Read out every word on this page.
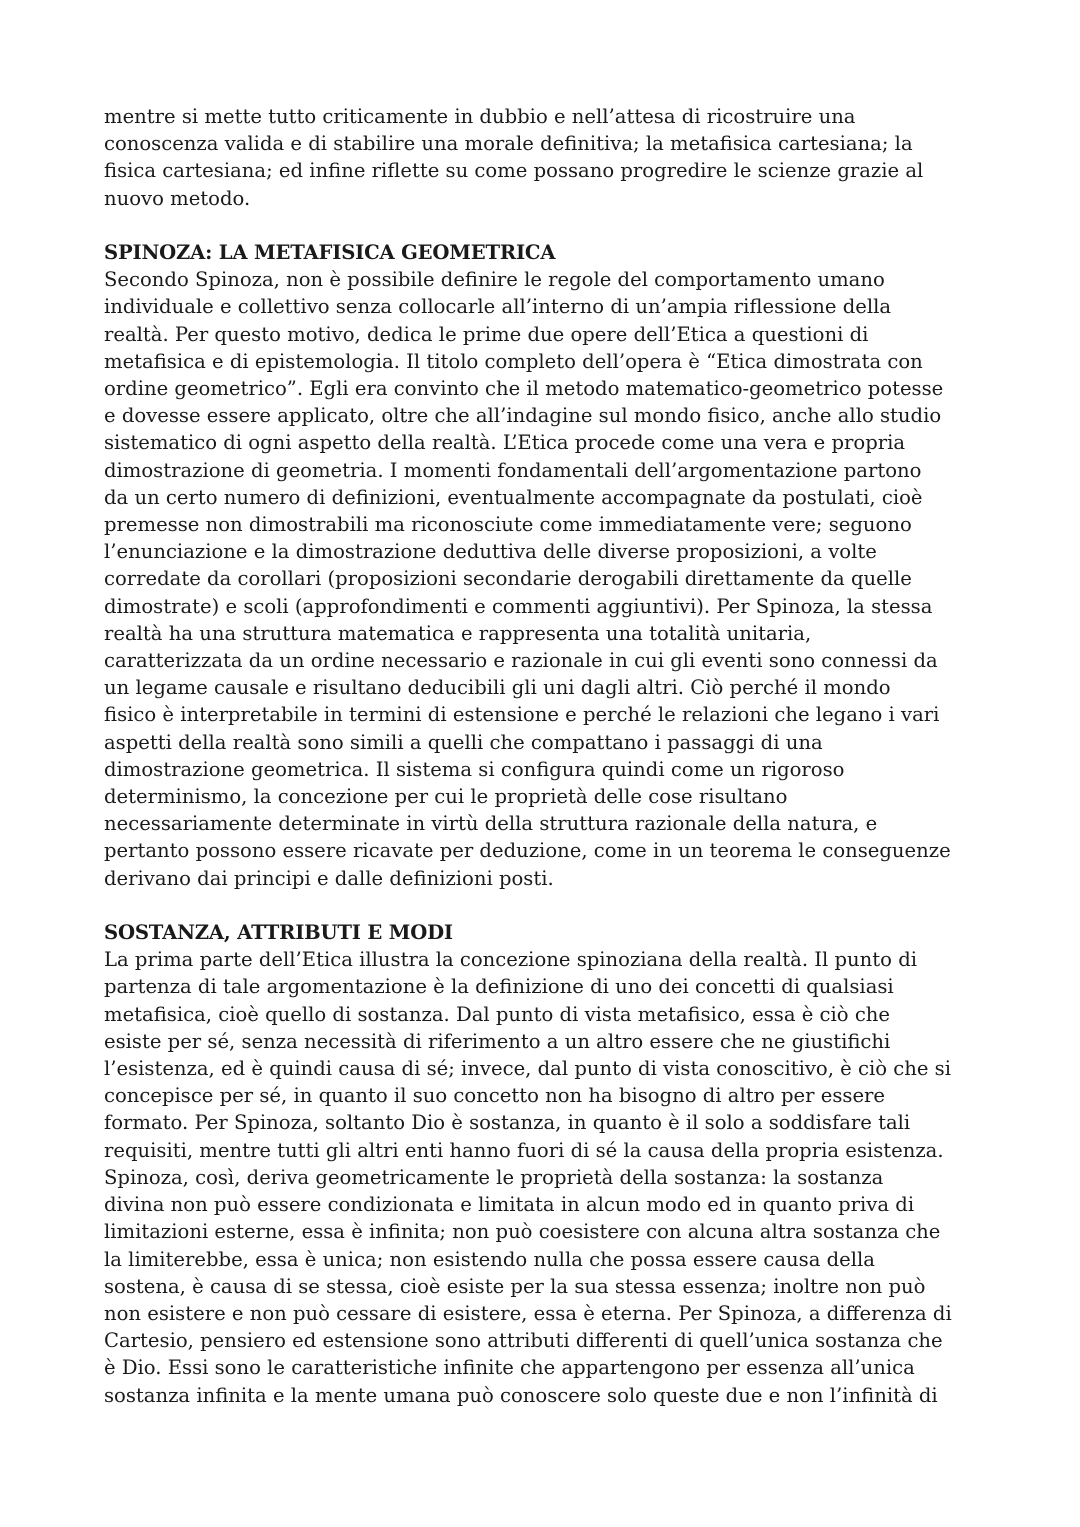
mentre si mette tutto criticamente in dubbio e nell’attesa di ricostruire una
conoscenza valida e di stabilire una morale definitiva; la metafisica cartesiana; la
fisica cartesiana; ed infine riflette su come possano progredire le scienze grazie al
nuovo metodo.
SPINOZA: LA METAFISICA GEOMETRICA
Secondo Spinoza, non è possibile definire le regole del comportamento umano
individuale e collettivo senza collocarle all’interno di un’ampia riflessione della
realtà. Per questo motivo, dedica le prime due opere dell’Etica a questioni di
metafisica e di epistemologia. Il titolo completo dell’opera è “Etica dimostrata con
ordine geometrico”. Egli era convinto che il metodo matematico-geometrico potesse
e dovesse essere applicato, oltre che all’indagine sul mondo fisico, anche allo studio
sistematico di ogni aspetto della realtà. L’Etica procede come una vera e propria
dimostrazione di geometria. I momenti fondamentali dell’argomentazione partono
da un certo numero di definizioni, eventualmente accompagnate da postulati, cioè
premesse non dimostrabili ma riconosciute come immediatamente vere; seguono
l’enunciazione e la dimostrazione deduttiva delle diverse proposizioni, a volte
corredate da corollari (proposizioni secondarie derogabili direttamente da quelle
dimostrate) e scoli (approfondimenti e commenti aggiuntivi). Per Spinoza, la stessa
realtà ha una struttura matematica e rappresenta una totalità unitaria,
caratterizzata da un ordine necessario e razionale in cui gli eventi sono connessi da
un legame causale e risultano deducibili gli uni dagli altri. Ciò perché il mondo
fisico è interpretabile in termini di estensione e perché le relazioni che legano i vari
aspetti della realtà sono simili a quelli che compattano i passaggi di una
dimostrazione geometrica. Il sistema si configura quindi come un rigoroso
determinismo, la concezione per cui le proprietà delle cose risultano
necessariamente determinate in virtù della struttura razionale della natura, e
pertanto possono essere ricavate per deduzione, come in un teorema le conseguenze
derivano dai principi e dalle definizioni posti.
SOSTANZA, ATTRIBUTI E MODI
La prima parte dell’Etica illustra la concezione spinoziana della realtà. Il punto di
partenza di tale argomentazione è la definizione di uno dei concetti di qualsiasi
metafisica, cioè quello di sostanza. Dal punto di vista metafisico, essa è ciò che
esiste per sé, senza necessità di riferimento a un altro essere che ne giustifichi
l’esistenza, ed è quindi causa di sé; invece, dal punto di vista conoscitivo, è ciò che si
concepisce per sé, in quanto il suo concetto non ha bisogno di altro per essere
formato. Per Spinoza, soltanto Dio è sostanza, in quanto è il solo a soddisfare tali
requisiti, mentre tutti gli altri enti hanno fuori di sé la causa della propria esistenza.
Spinoza, così, deriva geometricamente le proprietà della sostanza: la sostanza
divina non può essere condizionata e limitata in alcun modo ed in quanto priva di
limitazioni esterne, essa è infinita; non può coesistere con alcuna altra sostanza che
la limiterebbe, essa è unica; non esistendo nulla che possa essere causa della
sostena, è causa di se stessa, cioè esiste per la sua stessa essenza; inoltre non può
non esistere e non può cessare di esistere, essa è eterna. Per Spinoza, a differenza di
Cartesio, pensiero ed estensione sono attributi differenti di quell’unica sostanza che
è Dio. Essi sono le caratteristiche infinite che appartengono per essenza all’unica
sostanza infinita e la mente umana può conoscere solo queste due e non l’infinità di
